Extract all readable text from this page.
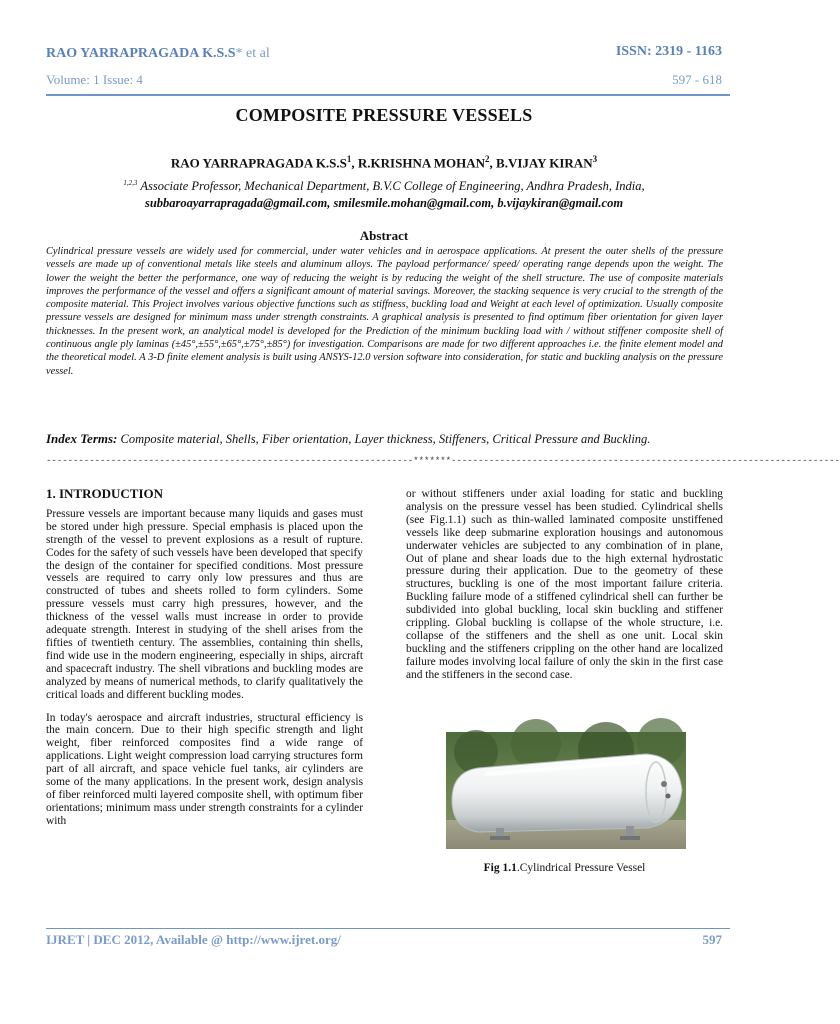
RAO YARRAPRAGADA K.S.S* et al	ISSN: 2319 - 1163
Volume: 1 Issue: 4	597 - 618
COMPOSITE PRESSURE VESSELS
RAO YARRAPRAGADA $K.S.S^1$, R.KRISHNA MOHAN$^2$, B.VIJAY KIRAN$^3$
$^{1,2,3}$ Associate Professor, Mechanical Department, B.V.C College of Engineering, Andhra Pradesh, India,
subbaroayarrapragada@gmail.com, smilesmile.mohan@gmail.com, b.vijaykiran@gmail.com
Abstract
Cylindrical pressure vessels are widely used for commercial, under water vehicles and in aerospace applications. At present the outer shells of the pressure vessels are made up of conventional metals like steels and aluminum alloys. The payload performance/ speed/ operating range depends upon the weight. The lower the weight the better the performance, one way of reducing the weight is by reducing the weight of the shell structure. The use of composite materials improves the performance of the vessel and offers a significant amount of material savings. Moreover, the stacking sequence is very crucial to the strength of the composite material. This Project involves various objective functions such as stiffness, buckling load and Weight at each level of optimization. Usually composite pressure vessels are designed for minimum mass under strength constraints. A graphical analysis is presented to find optimum fiber orientation for given layer thicknesses. In the present work, an analytical model is developed for the Prediction of the minimum buckling load with / without stiffener composite shell of continuous angle ply laminas (±45°,±55°,±65°,±75°,±85°) for investigation. Comparisons are made for two different approaches i.e. the finite element model and the theoretical model. A 3-D finite element analysis is built using ANSYS-12.0 version software into consideration, for static and buckling analysis on the pressure vessel.
Index Terms: Composite material, Shells, Fiber orientation, Layer thickness, Stiffeners, Critical Pressure and Buckling.
--------------------------------------------------------------------*******------------------------------------------------------------------------
1. INTRODUCTION

Pressure vessels are important because many liquids and gases must be stored under high pressure. Special emphasis is placed upon the strength of the vessel to prevent explosions as a result of rupture. Codes for the safety of such vessels have been developed that specify the design of the container for specified conditions. Most pressure vessels are required to carry only low pressures and thus are constructed of tubes and sheets rolled to form cylinders. Some pressure vessels must carry high pressures, however, and the thickness of the vessel walls must increase in order to provide adequate strength. Interest in studying of the shell arises from the fifties of twentieth century. The assemblies, containing thin shells, find wide use in the modern engineering, especially in ships, aircraft and spacecraft industry. The shell vibrations and buckling modes are analyzed by means of numerical methods, to clarify qualitatively the critical loads and different buckling modes.

In today's aerospace and aircraft industries, structural efficiency is the main concern. Due to their high specific strength and light weight, fiber reinforced composites find a wide range of applications. Light weight compression load carrying structures form part of all aircraft, and space vehicle fuel tanks, air cylinders are some of the many applications. In the present work, design analysis of fiber reinforced multi layered composite shell, with optimum fiber orientations; minimum mass under strength constraints for a cylinder with

or without stiffeners under axial loading for static and buckling analysis on the pressure vessel has been studied. Cylindrical shells (see Fig.1.1) such as thin-walled laminated composite unstiffened vessels like deep submarine exploration housings and autonomous underwater vehicles are subjected to any combination of in plane, Out of plane and shear loads due to the high external hydrostatic pressure during their application. Due to the geometry of these structures, buckling is one of the most important failure criteria. Buckling failure mode of a stiffened cylindrical shell can further be subdivided into global buckling, local skin buckling and stiffener crippling. Global buckling is collapse of the whole structure, i.e. collapse of the stiffeners and the shell as one unit. Local skin buckling and the stiffeners crippling on the other hand are localized failure modes involving local failure of only the skin in the first case and the stiffeners in the second case.

Fig 1.1.Cylindrical Pressure Vessel
IJRET | DEC 2012, Available @ http://www.ijret.org/	597
